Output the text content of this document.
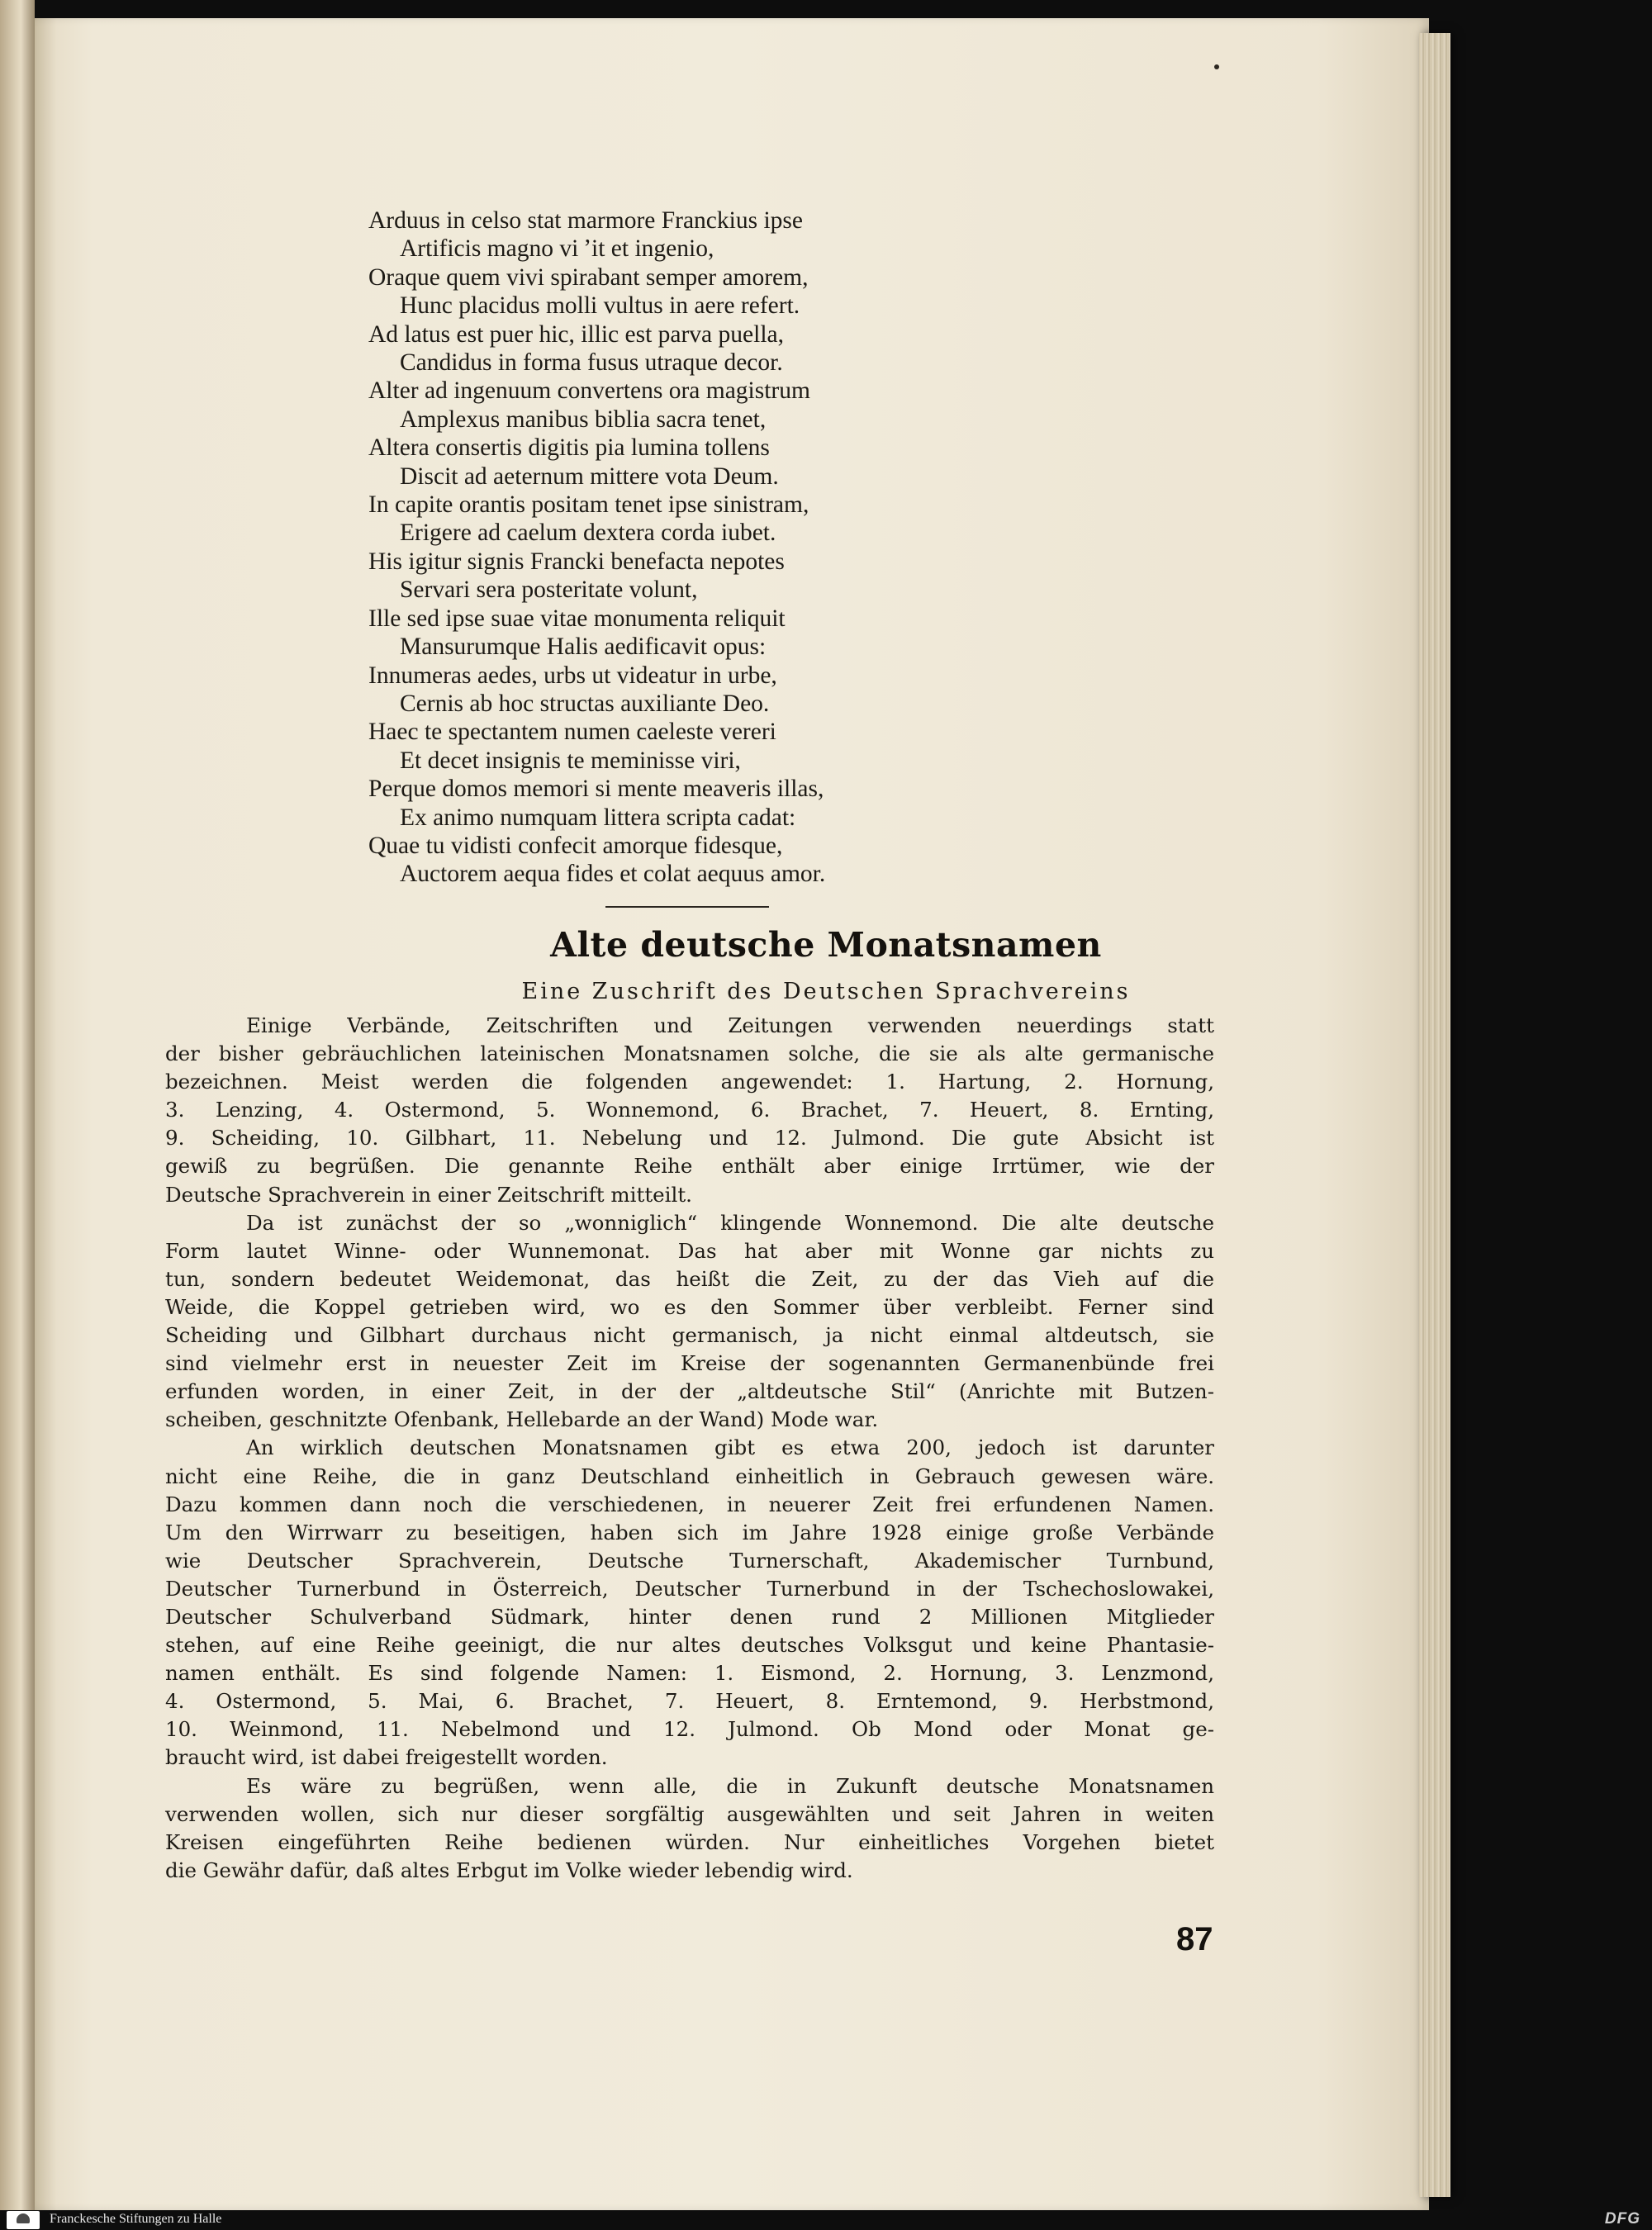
Arduus in celso stat marmore Franckius ipse
Artificis magno vi ʼit et ingenio,
Oraque quem vivi spirabant semper amorem,
Hunc placidus molli vultus in aere refert.
Ad latus est puer hic, illic est parva puella,
Candidus in forma fusus utraque decor.
Alter ad ingenuum convertens ora magistrum
Amplexus manibus biblia sacra tenet,
Altera consertis digitis pia lumina tollens
Discit ad aeternum mittere vota Deum.
In capite orantis positam tenet ipse sinistram,
Erigere ad caelum dextera corda iubet.
His igitur signis Francki benefacta nepotes
Servari sera posteritate volunt,
Ille sed ipse suae vitae monumenta reliquit
Mansurumque Halis aedificavit opus:
Innumeras aedes, urbs ut videatur in urbe,
Cernis ab hoc structas auxiliante Deo.
Haec te spectantem numen caeleste vereri
Et decet insignis te meminisse viri,
Perque domos memori si mente meaveris illas,
Ex animo numquam littera scripta cadat:
Quae tu vidisti confecit amorque fidesque,
Auctorem aequa fides et colat aequus amor.
Alte deutsche Monatsnamen
Eine Zuschrift des Deutschen Sprachvereins
Einige Verbände, Zeitschriften und Zeitungen verwenden neuerdings statt
der bisher gebräuchlichen lateinischen Monatsnamen solche, die sie als alte germanische
bezeichnen. Meist werden die folgenden angewendet: 1. Hartung, 2. Hornung,
3. Lenzing, 4. Ostermond, 5. Wonnemond, 6. Brachet, 7. Heuert, 8. Ernting,
9. Scheiding, 10. Gilbhart, 11. Nebelung und 12. Julmond. Die gute Absicht ist
gewiß zu begrüßen. Die genannte Reihe enthält aber einige Irrtümer, wie der
Deutsche Sprachverein in einer Zeitschrift mitteilt.
Da ist zunächst der so „wonniglich“ klingende Wonnemond. Die alte deutsche
Form lautet Winne- oder Wunnemonat. Das hat aber mit Wonne gar nichts zu
tun, sondern bedeutet Weidemonat, das heißt die Zeit, zu der das Vieh auf die
Weide, die Koppel getrieben wird, wo es den Sommer über verbleibt. Ferner sind
Scheiding und Gilbhart durchaus nicht germanisch, ja nicht einmal altdeutsch, sie
sind vielmehr erst in neuester Zeit im Kreise der sogenannten Germanenbünde frei
erfunden worden, in einer Zeit, in der der „altdeutsche Stil“ (Anrichte mit Butzen-
scheiben, geschnitzte Ofenbank, Hellebarde an der Wand) Mode war.
An wirklich deutschen Monatsnamen gibt es etwa 200, jedoch ist darunter
nicht eine Reihe, die in ganz Deutschland einheitlich in Gebrauch gewesen wäre.
Dazu kommen dann noch die verschiedenen, in neuerer Zeit frei erfundenen Namen.
Um den Wirrwarr zu beseitigen, haben sich im Jahre 1928 einige große Verbände
wie Deutscher Sprachverein, Deutsche Turnerschaft, Akademischer Turnbund,
Deutscher Turnerbund in Österreich, Deutscher Turnerbund in der Tschechoslowakei,
Deutscher Schulverband Südmark, hinter denen rund 2 Millionen Mitglieder
stehen, auf eine Reihe geeinigt, die nur altes deutsches Volksgut und keine Phantasie-
namen enthält. Es sind folgende Namen: 1. Eismond, 2. Hornung, 3. Lenzmond,
4. Ostermond, 5. Mai, 6. Brachet, 7. Heuert, 8. Erntemond, 9. Herbstmond,
10. Weinmond, 11. Nebelmond und 12. Julmond. Ob Mond oder Monat ge-
braucht wird, ist dabei freigestellt worden.
Es wäre zu begrüßen, wenn alle, die in Zukunft deutsche Monatsnamen
verwenden wollen, sich nur dieser sorgfältig ausgewählten und seit Jahren in weiten
Kreisen eingeführten Reihe bedienen würden. Nur einheitliches Vorgehen bietet
die Gewähr dafür, daß altes Erbgut im Volke wieder lebendig wird.
87
Franckesche Stiftungen zu Halle	DFG
